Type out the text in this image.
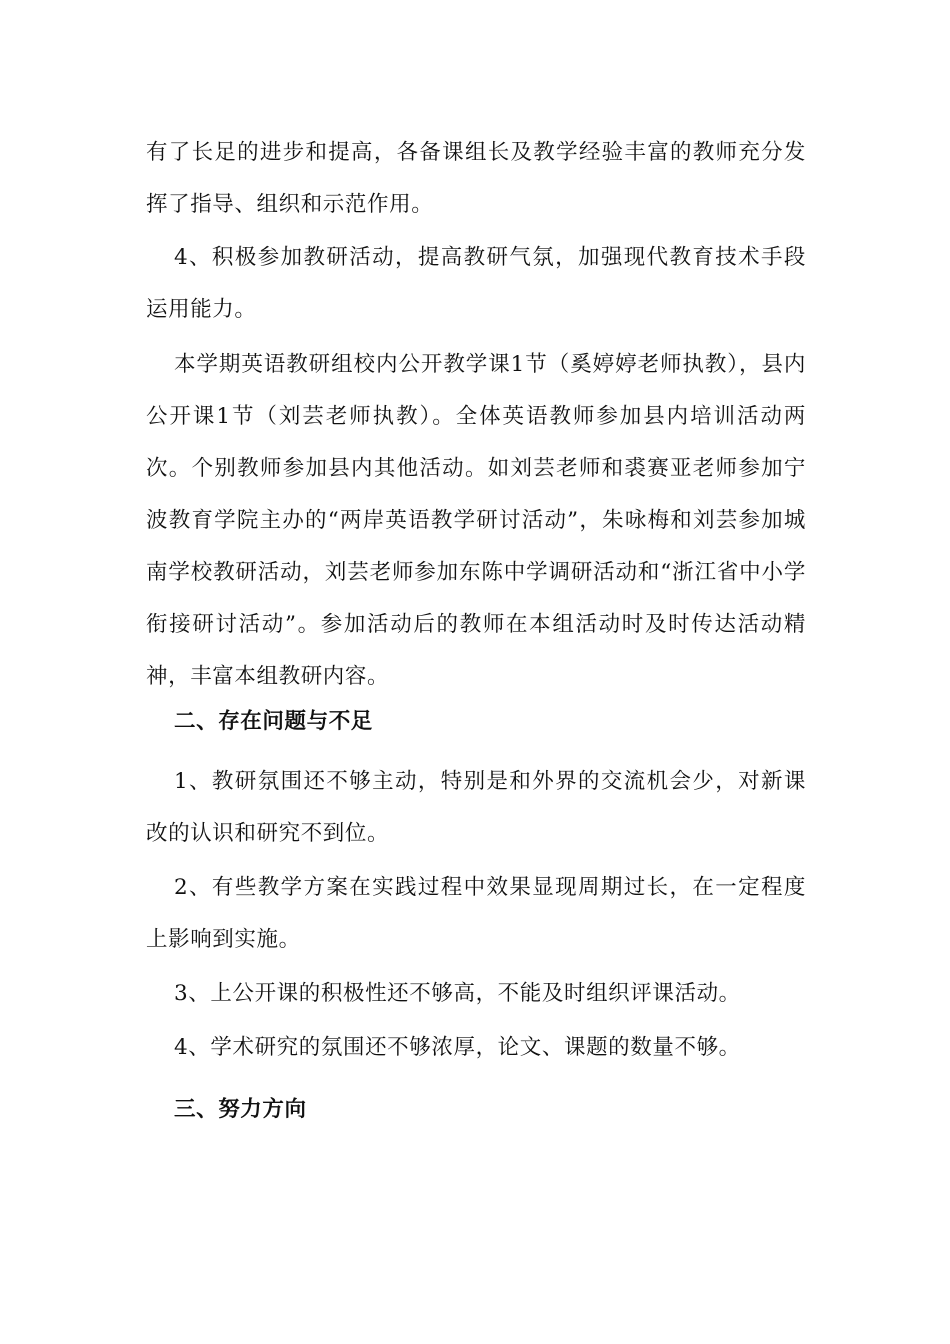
有了长足的进步和提高，各备课组长及教学经验丰富的教师充分发挥了指导、组织和示范作用。
4、积极参加教研活动，提高教研气氛，加强现代教育技术手段运用能力。
本学期英语教研组校内公开教学课1节（奚婷婷老师执教），县内公开课1节（刘芸老师执教）。全体英语教师参加县内培训活动两次。个别教师参加县内其他活动。如刘芸老师和裘赛亚老师参加宁波教育学院主办的“两岸英语教学研讨活动”，朱咏梅和刘芸参加城南学校教研活动，刘芸老师参加东陈中学调研活动和“浙江省中小学衔接研讨活动”。参加活动后的教师在本组活动时及时传达活动精神，丰富本组教研内容。
二、存在问题与不足
1、教研氛围还不够主动，特别是和外界的交流机会少，对新课改的认识和研究不到位。
2、有些教学方案在实践过程中效果显现周期过长，在一定程度上影响到实施。
3、上公开课的积极性还不够高，不能及时组织评课活动。
4、学术研究的氛围还不够浓厚，论文、课题的数量不够。
三、努力方向
